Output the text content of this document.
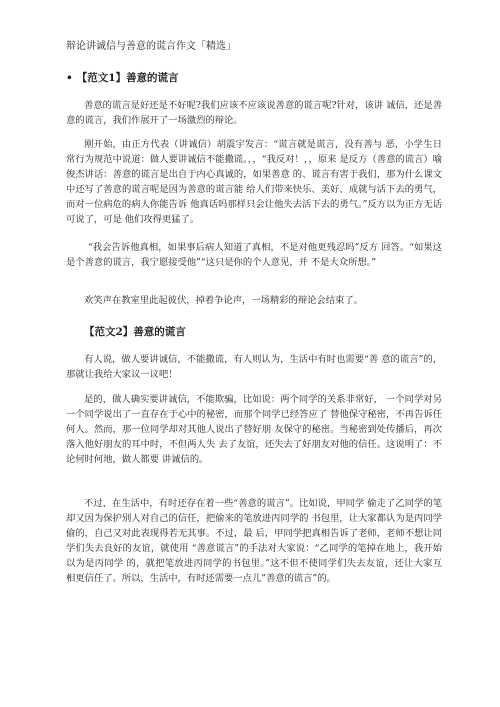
辩论讲诚信与善意的谎言作文「精选」
• 【范文1】善意的谎言

善意的谎言是好还是不好呢?我们应该不应该说善意的谎言呢?针对，该讲 诚信，还是善意的谎言，我们作展开了一场激烈的辩论。

刚开始，由正方代表（讲诚信）胡震宇发言：“谎言就是谎言，没有善与 恶，小学生日常行为规范中说道：做人要讲诚信不能撒谎。，，“我反对！，，原来 是反方（善意的谎言）喻俊杰讲话：善意的谎言是出自于内心真诚的，如果善意 的、谎言有害于我们，那为什么课文中还写了善意的谎言呢是因为善意的谎言能 给人们带来快乐、美好、成就与活下去的勇气，而对一位病危的病人你能告诉 他真话吗那样只会让他失去活下去的勇气。”反方以为正方无话可说了，可是 他们攻得更猛了。

“我会告诉他真相，如果事后病人知道了真相，不是对他更残忍吗”反方 回答。“如果这是个善意的谎言，我宁愿接受他”“这只是你的个人意见，并 不是大众所想。”

欢笑声在教室里此起彼伏，掉着争论声，一场精彩的辩论会结束了。

【范文2】善意的谎言

有人说，做人要讲诚信，不能撒谎，有人则认为，生活中有时也需要“善 意的谎言”的，那就让我给大家议一议吧！

是的，做人确实要讲诚信，不能欺骗，比如说：两个同学的关系非常好， 一个同学对另一个同学说出了一直存在于心中的秘密，而那个同学已经答应了 替他保守秘密，不再告诉任何人。然而，那一位同学却对其他人说出了替好朋 友保守的秘密。当秘密到处传播后，再次落入他好朋友的耳中时，不但两人失 去了友谊，还失去了好朋友对他的信任。这说明了：不论何时何地，做人都要 讲诚信的。

不过，在生活中，有时还存在着一些“善意的谎言”。比如说，甲同学 偷走了乙同学的笔却又因为保护别人对自己的信任，把偷来的笔放进丙同学的 书包里，让大家都认为是丙同学偷的，自己又对此表现得若无其事。不过，最 后，甲同学把真相告诉了老师，老师不想让同学们失去良好的友谊，就使用 “善意谎言”的手法对大家说：“乙同学的笔掉在地上，我开始以为是丙同学 的，就把笔放进丙同学的书包里。”这不但不使同学们失去友谊，还让大家互 相更信任了。所以，生活中，有时还需要一点儿”善意的谎言”的。
